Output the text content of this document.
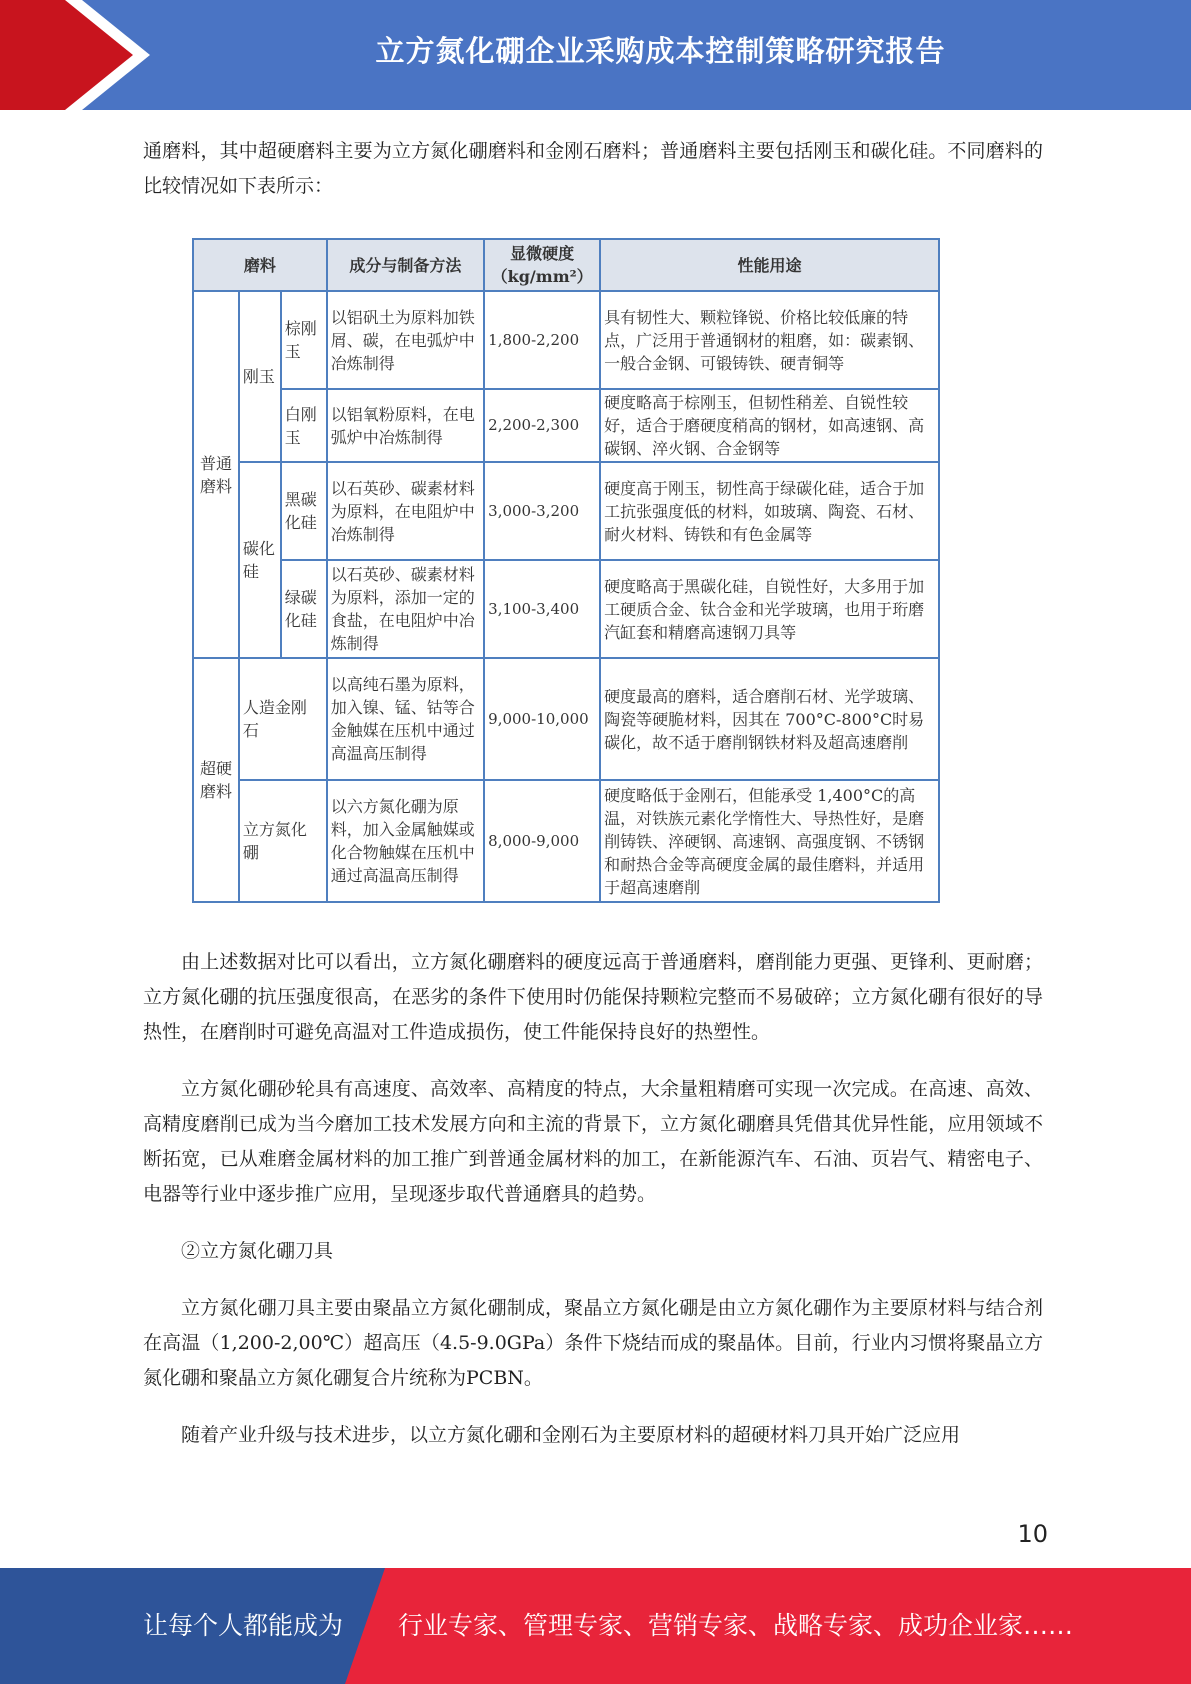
立方氮化硼企业采购成本控制策略研究报告

通磨料，其中超硬磨料主要为立方氮化硼磨料和金刚石磨料；普通磨料主要包括刚玉和碳化硅。不同磨料的比较情况如下表所示：

磨料			成分与制备方法	显微硬度（kg/mm²）	性能用途
普通磨料	刚玉	棕刚玉	以铝矾土为原料加铁屑、碳，在电弧炉中冶炼制得	1,800-2,200	具有韧性大、颗粒锋锐、价格比较低廉的特点，广泛用于普通钢材的粗磨，如：碳素钢、一般合金钢、可锻铸铁、硬青铜等
		白刚玉	以铝氧粉原料，在电弧炉中冶炼制得	2,200-2,300	硬度略高于棕刚玉，但韧性稍差、自锐性较好，适合于磨硬度稍高的钢材，如高速钢、高碳钢、淬火钢、合金钢等
	碳化硅	黑碳化硅	以石英砂、碳素材料为原料，在电阻炉中冶炼制得	3,000-3,200	硬度高于刚玉，韧性高于绿碳化硅，适合于加工抗张强度低的材料，如玻璃、陶瓷、石材、耐火材料、铸铁和有色金属等
		绿碳化硅	以石英砂、碳素材料为原料，添加一定的食盐，在电阻炉中冶炼制得	3,100-3,400	硬度略高于黑碳化硅，自锐性好，大多用于加工硬质合金、钛合金和光学玻璃，也用于珩磨汽缸套和精磨高速钢刀具等
超硬磨料	人造金刚石		以高纯石墨为原料，加入镍、锰、钴等合金触媒在压机中通过高温高压制得	9,000-10,000	硬度最高的磨料，适合磨削石材、光学玻璃、陶瓷等硬脆材料，因其在 700°C-800°C时易碳化，故不适于磨削钢铁材料及超高速磨削
	立方氮化硼		以六方氮化硼为原料，加入金属触媒或化合物触媒在压机中通过高温高压制得	8,000-9,000	硬度略低于金刚石，但能承受 1,400°C的高温，对铁族元素化学惰性大、导热性好，是磨削铸铁、淬硬钢、高速钢、高强度钢、不锈钢和耐热合金等高硬度金属的最佳磨料，并适用于超高速磨削

由上述数据对比可以看出，立方氮化硼磨料的硬度远高于普通磨料，磨削能力更强、更锋利、更耐磨；立方氮化硼的抗压强度很高，在恶劣的条件下使用时仍能保持颗粒完整而不易破碎；立方氮化硼有很好的导热性，在磨削时可避免高温对工件造成损伤，使工件能保持良好的热塑性。

立方氮化硼砂轮具有高速度、高效率、高精度的特点，大余量粗精磨可实现一次完成。在高速、高效、高精度磨削已成为当今磨加工技术发展方向和主流的背景下，立方氮化硼磨具凭借其优异性能，应用领域不断拓宽，已从难磨金属材料的加工推广到普通金属材料的加工，在新能源汽车、石油、页岩气、精密电子、电器等行业中逐步推广应用，呈现逐步取代普通磨具的趋势。

②立方氮化硼刀具

立方氮化硼刀具主要由聚晶立方氮化硼制成，聚晶立方氮化硼是由立方氮化硼作为主要原材料与结合剂在高温（1,200-2,00℃）超高压（4.5-9.0GPa）条件下烧结而成的聚晶体。目前，行业内习惯将聚晶立方氮化硼和聚晶立方氮化硼复合片统称为PCBN。

随着产业升级与技术进步，以立方氮化硼和金刚石为主要原材料的超硬材料刀具开始广泛应用

10
让每个人都能成为 行业专家、管理专家、营销专家、战略专家、成功企业家……
